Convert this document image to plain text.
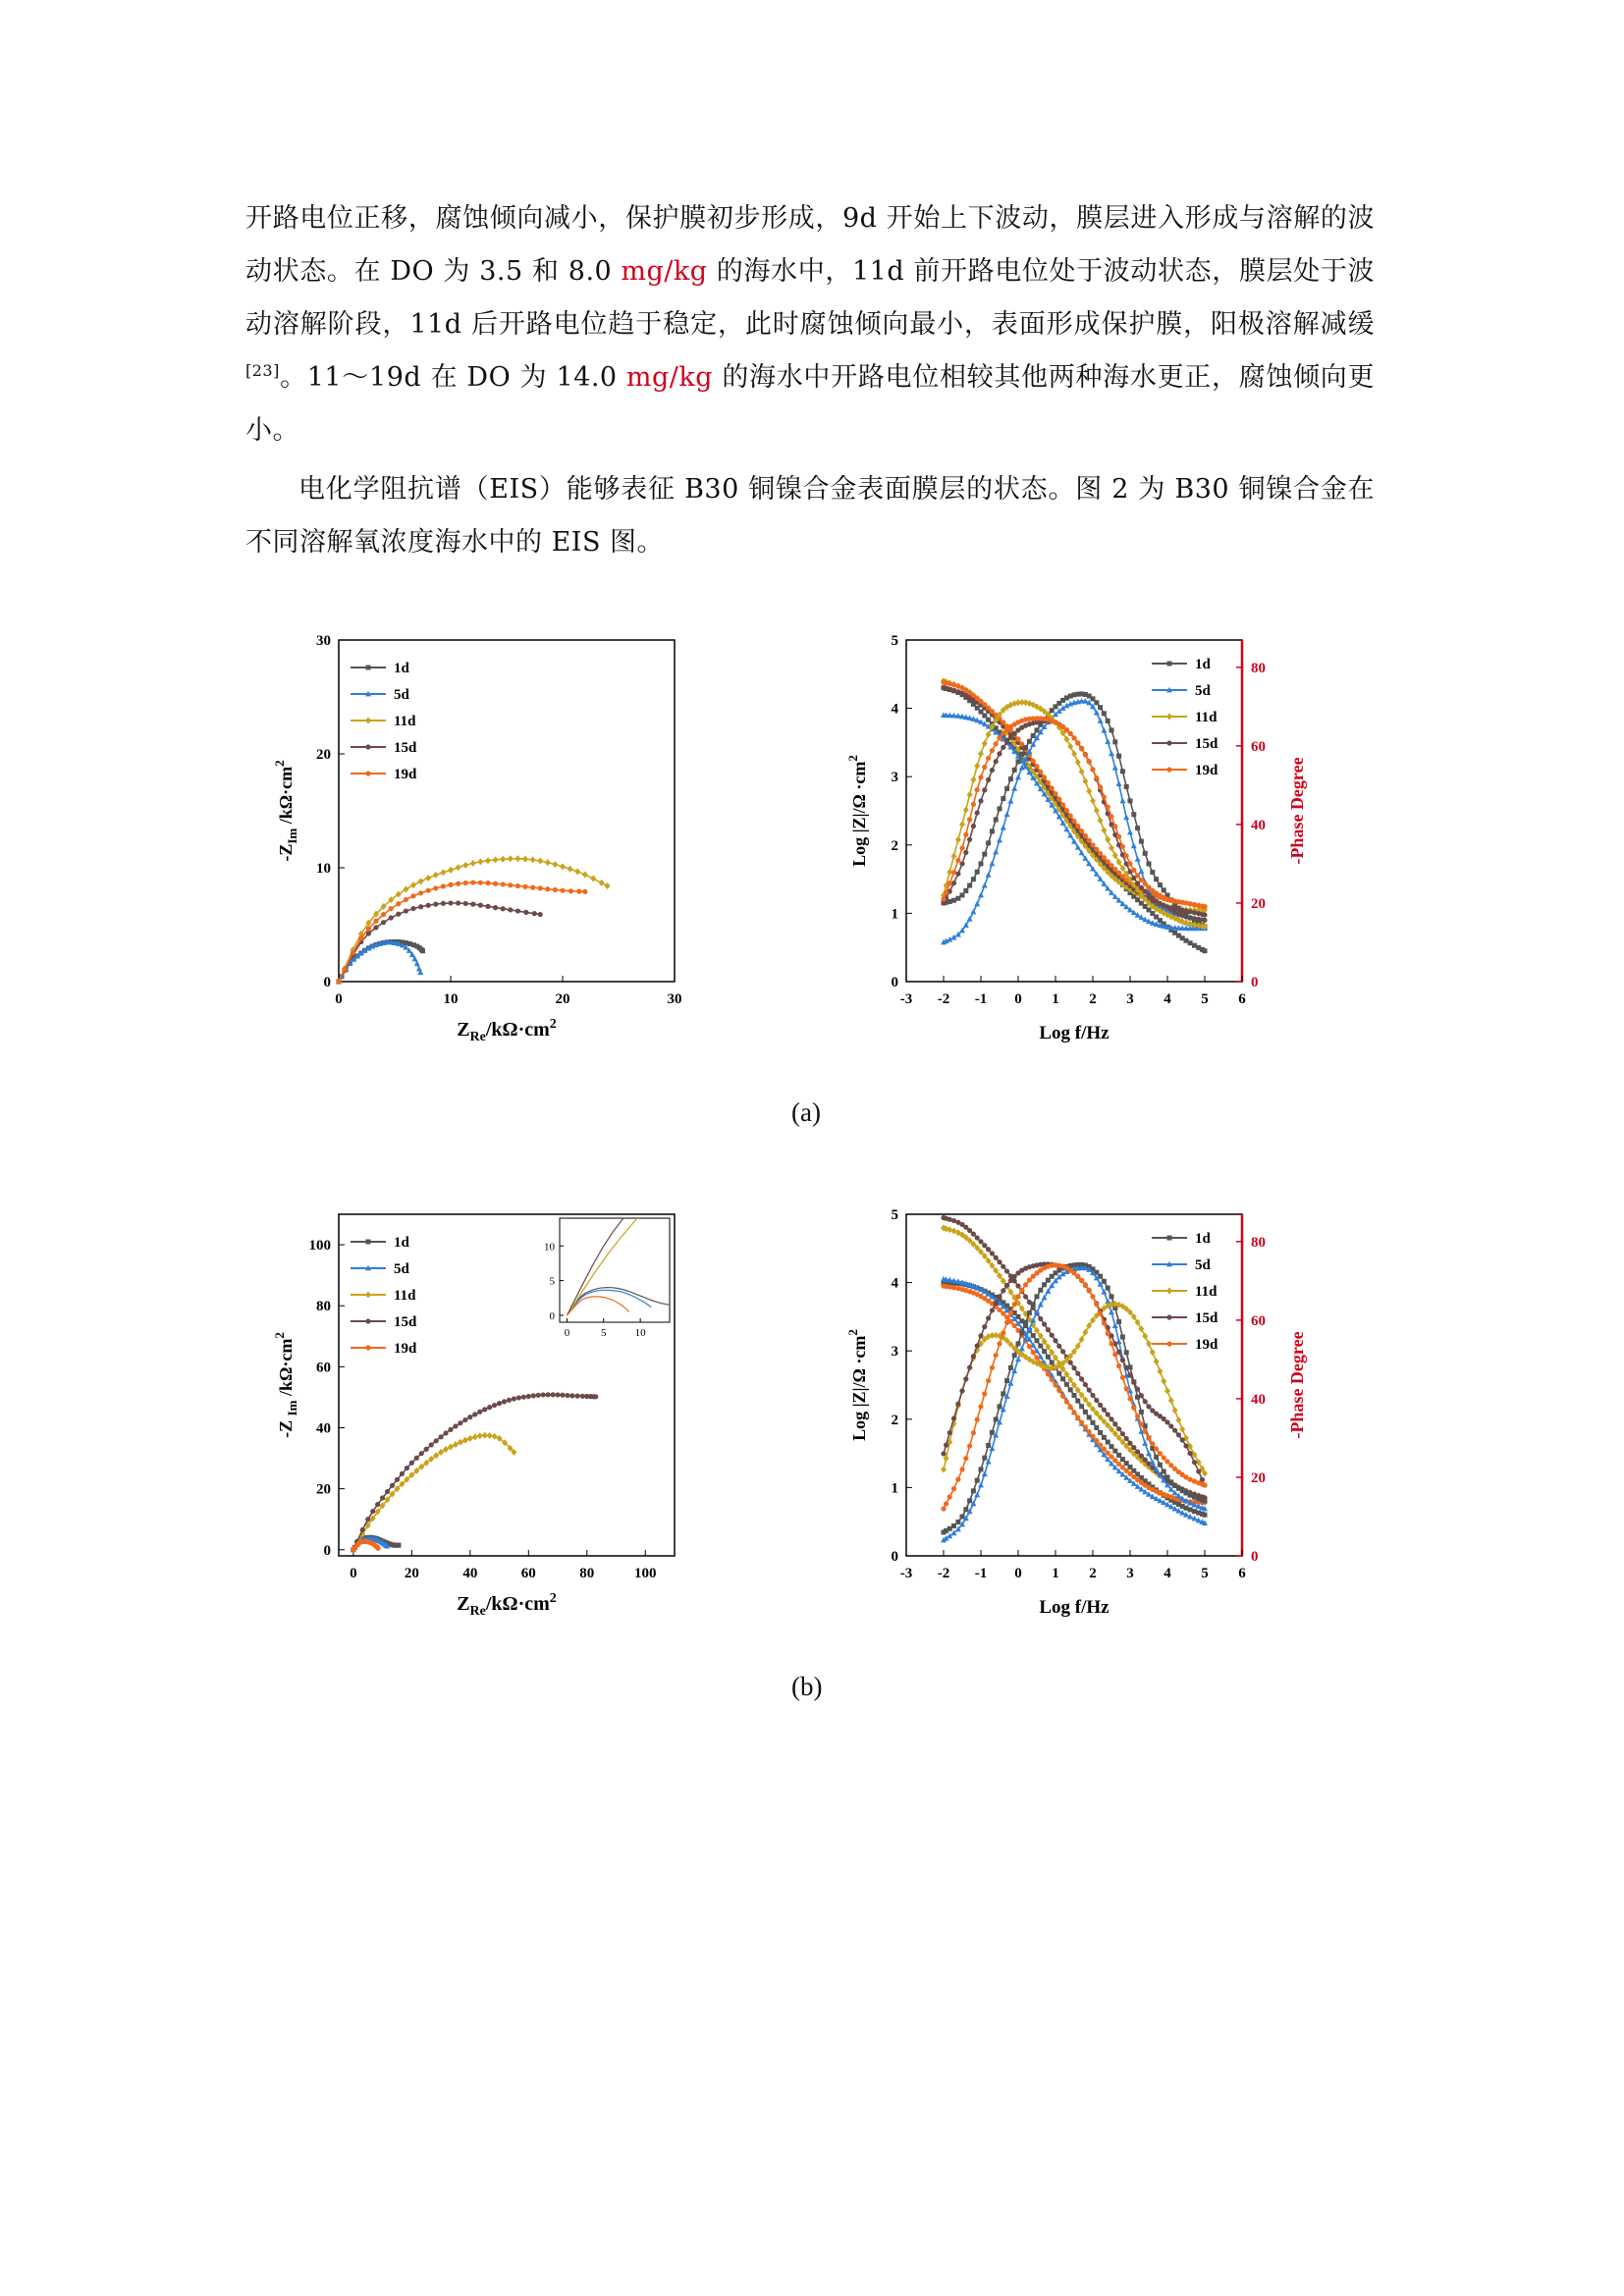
开路电位正移，腐蚀倾向减小，保护膜初步形成，9d 开始上下波动，膜层进入形成与溶解的波动状态。在 DO 为 3.5 和 8.0 mg/kg 的海水中，11d 前开路电位处于波动状态，膜层处于波动溶解阶段，11d 后开路电位趋于稳定，此时腐蚀倾向最小，表面形成保护膜，阳极溶解减缓[23]。11～19d 在 DO 为 14.0 mg/kg 的海水中开路电位相较其他两种海水更正，腐蚀倾向更小。
电化学阻抗谱（EIS）能够表征 B30 铜镍合金表面膜层的状态。图 2 为 B30 铜镍合金在不同溶解氧浓度海水中的 EIS 图。
0	10	20	30
0
10
20
30
1d
5d
11d
15d
19d
$Z_{Re}/k\Omega\cdot cm^2$
$-Z_{Im}$ $/k\Omega\cdot cm^2$
-3 -2 -1 0 1 2 3 4 5 6
0
1
2
3
4
5
0
20
40
60
80
1d
5d
11d
15d
19d
Log f/Hz
Log $|Z|/\Omega \cdot cm^2$	-Phase Degree
(a)
0	20	40	60	80	100
0
20
40
60
80
100	1d
5d
11d
15d
19d
$Z_{Re}/k\Omega\cdot cm^2$
-Z $_{Im}$ $/k\Omega\cdot cm^2$	0	5	10
0
5
10
-3 -2 -1 0 1 2 3 4 5 6
0
1
2
3
4
5
0
20
40
60
80
1d
5d
11d
15d
19d
Log f/Hz
Log $|Z|/\Omega \cdot cm^2$	-Phase Degree
(b)
